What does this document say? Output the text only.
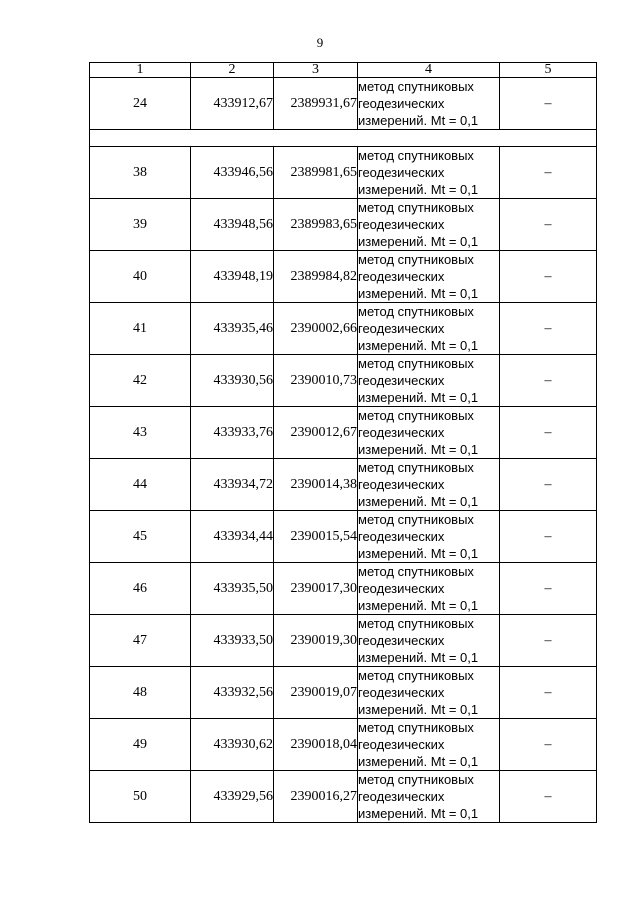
9
1	2	3	4	5
24	433912,67	2389931,67	метод спутниковых
геодезических
измерений. Mt = 0,1	–

38	433946,56	2389981,65	метод спутниковых
геодезических
измерений. Mt = 0,1	–
39	433948,56	2389983,65	метод спутниковых
геодезических
измерений. Mt = 0,1	–
40	433948,19	2389984,82	метод спутниковых
геодезических
измерений. Mt = 0,1	–
41	433935,46	2390002,66	метод спутниковых
геодезических
измерений. Mt = 0,1	–
42	433930,56	2390010,73	метод спутниковых
геодезических
измерений. Mt = 0,1	–
43	433933,76	2390012,67	метод спутниковых
геодезических
измерений. Mt = 0,1	–
44	433934,72	2390014,38	метод спутниковых
геодезических
измерений. Mt = 0,1	–
45	433934,44	2390015,54	метод спутниковых
геодезических
измерений. Mt = 0,1	–
46	433935,50	2390017,30	метод спутниковых
геодезических
измерений. Mt = 0,1	–
47	433933,50	2390019,30	метод спутниковых
геодезических
измерений. Mt = 0,1	–
48	433932,56	2390019,07	метод спутниковых
геодезических
измерений. Mt = 0,1	–
49	433930,62	2390018,04	метод спутниковых
геодезических
измерений. Mt = 0,1	–
50	433929,56	2390016,27	метод спутниковых
геодезических
измерений. Mt = 0,1	–
